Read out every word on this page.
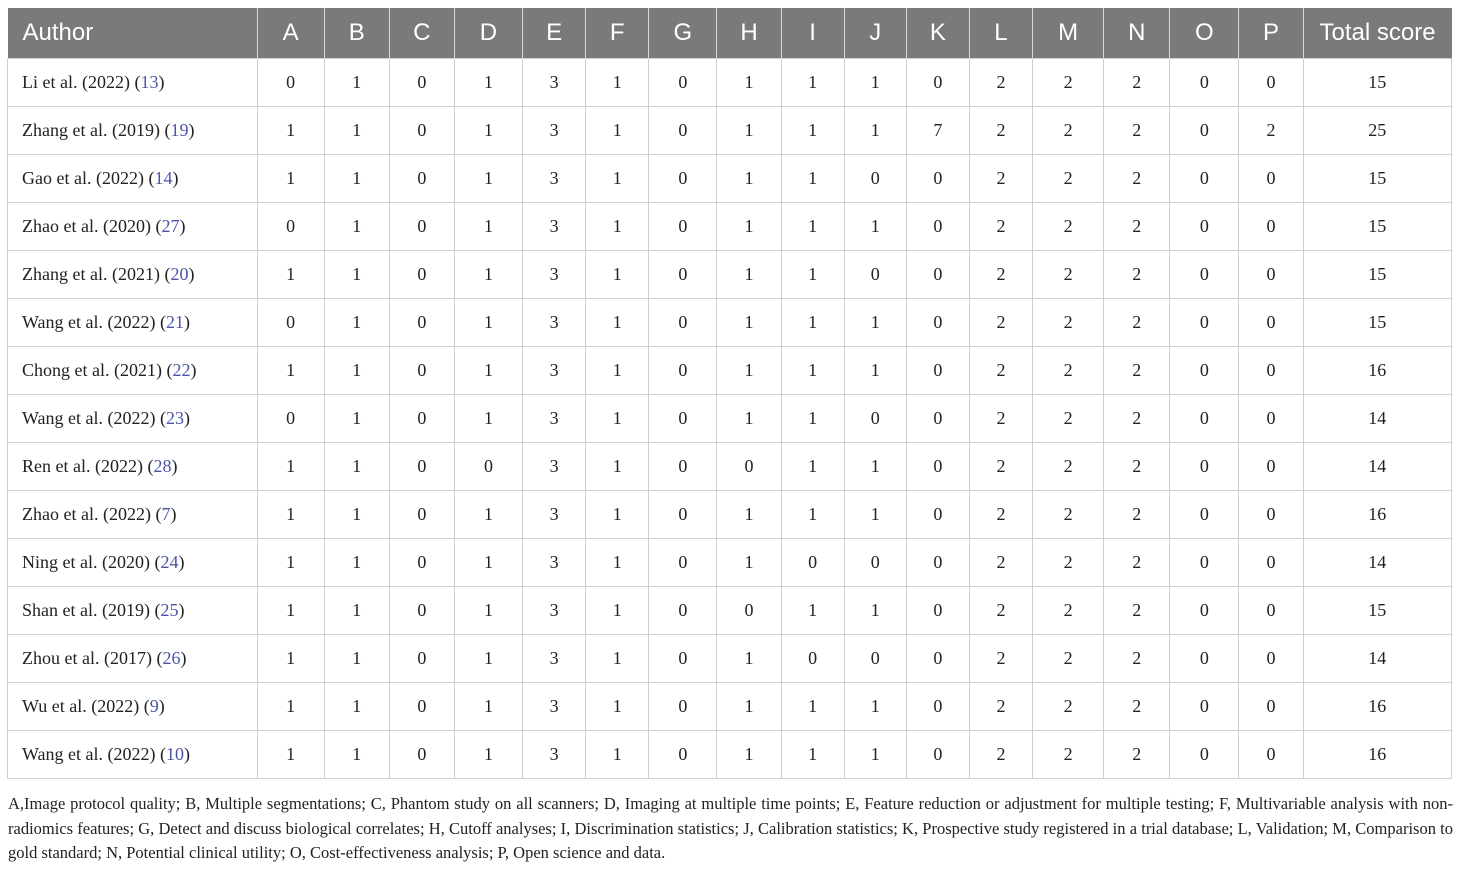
Author	A	B	C	D	E	F	G	H	I	J	K	L	M	N	O	P	Total score
Li et al. (2022) (13)	0	1	0	1	3	1	0	1	1	1	0	2	2	2	0	0	15
Zhang et al. (2019) (19)	1	1	0	1	3	1	0	1	1	1	7	2	2	2	0	2	25
Gao et al. (2022) (14)	1	1	0	1	3	1	0	1	1	0	0	2	2	2	0	0	15
Zhao et al. (2020) (27)	0	1	0	1	3	1	0	1	1	1	0	2	2	2	0	0	15
Zhang et al. (2021) (20)	1	1	0	1	3	1	0	1	1	0	0	2	2	2	0	0	15
Wang et al. (2022) (21)	0	1	0	1	3	1	0	1	1	1	0	2	2	2	0	0	15
Chong et al. (2021) (22)	1	1	0	1	3	1	0	1	1	1	0	2	2	2	0	0	16
Wang et al. (2022) (23)	0	1	0	1	3	1	0	1	1	0	0	2	2	2	0	0	14
Ren et al. (2022) (28)	1	1	0	0	3	1	0	0	1	1	0	2	2	2	0	0	14
Zhao et al. (2022) (7)	1	1	0	1	3	1	0	1	1	1	0	2	2	2	0	0	16
Ning et al. (2020) (24)	1	1	0	1	3	1	0	1	0	0	0	2	2	2	0	0	14
Shan et al. (2019) (25)	1	1	0	1	3	1	0	0	1	1	0	2	2	2	0	0	15
Zhou et al. (2017) (26)	1	1	0	1	3	1	0	1	0	0	0	2	2	2	0	0	14
Wu et al. (2022) (9)	1	1	0	1	3	1	0	1	1	1	0	2	2	2	0	0	16
Wang et al. (2022) (10)	1	1	0	1	3	1	0	1	1	1	0	2	2	2	0	0	16
A,Image protocol quality; B, Multiple segmentations; C, Phantom study on all scanners; D, Imaging at multiple time points; E, Feature reduction or adjustment for multiple testing; F, Multivariable analysis with non-radiomics features; G, Detect and discuss biological correlates; H, Cutoff analyses; I, Discrimination statistics; J, Calibration statistics; K, Prospective study registered in a trial database; L, Validation; M, Comparison to gold standard; N, Potential clinical utility; O, Cost-effectiveness analysis; P, Open science and data.
